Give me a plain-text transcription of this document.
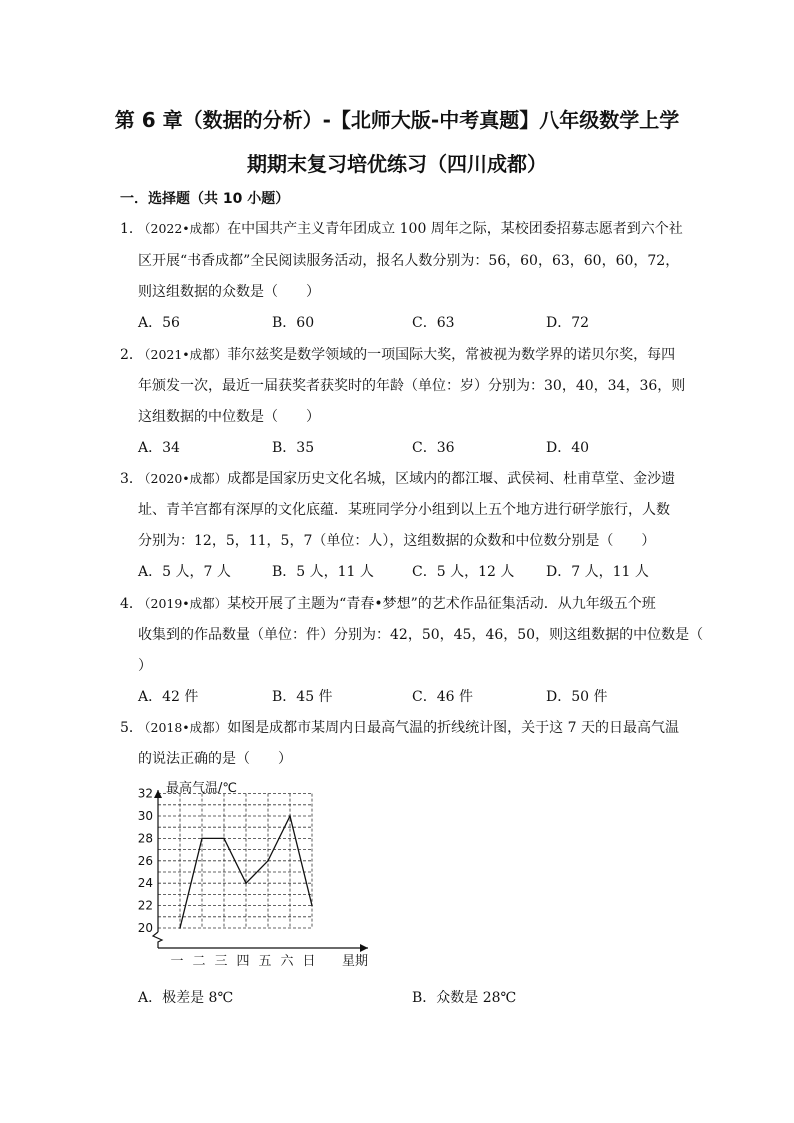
第 6 章（数据的分析）-【北师大版-中考真题】八年级数学上学
期期末复习培优练习（四川成都）
一．选择题（共 10 小题）
1．
（2022•成都）在中国共产主义青年团成立 100 周年之际，某校团委招募志愿者到六个社
区开展“书香成都”全民阅读服务活动，报名人数分别为：56，60，63，60，60，72，
则这组数据的众数是（　　）
A．56	B．60	C．63	D．72
2．
（2021•成都）菲尔兹奖是数学领域的一项国际大奖，常被视为数学界的诺贝尔奖，每四
年颁发一次，最近一届获奖者获奖时的年龄（单位：岁）分别为：30，40，34，36，则
这组数据的中位数是（　　）
A．34	B．35	C．36	D．40
3．
（2020•成都）成都是国家历史文化名城，区域内的都江堰、武侯祠、杜甫草堂、金沙遗
址、青羊宫都有深厚的文化底蕴．某班同学分小组到以上五个地方进行研学旅行，人数
分别为：12，5，11，5，7（单位：人），这组数据的众数和中位数分别是（　　）
A．5 人，7 人	B．5 人，11 人	C．5 人，12 人 D．7 人，11 人
4．
（2019•成都）某校开展了主题为“青春•梦想”的艺术作品征集活动．从九年级五个班
收集到的作品数量（单位：件）分别为：42，50，45，46，50，则这组数据的中位数是（
）
A．42 件	B．45 件	C．46 件	D．50 件
5．
（2018•成都）如图是成都市某周内日最高气温的折线统计图，关于这 7 天的日最高气温
的说法正确的是（　　）
最高气温/℃
星期
20
22
24
26
28
30
32
一 二 三 四 五 六 日
A．极差是 8℃	B．众数是 28℃
